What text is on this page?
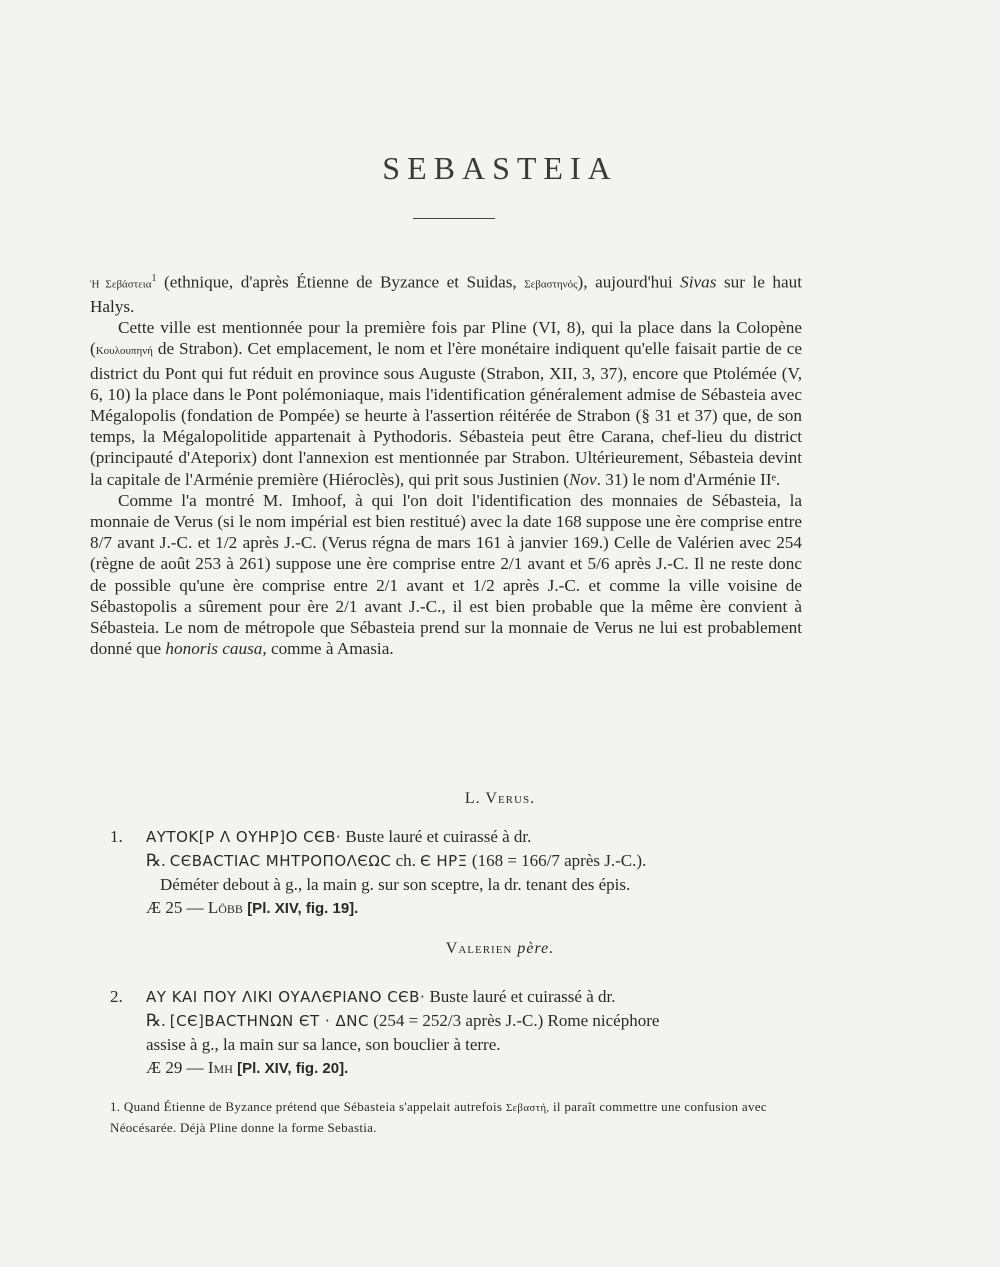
SEBASTEIA

Ἡ Σεβάστεια$^1$ (ethnique, d'après Étienne de Byzance et Suidas, Σεβαστηνός), aujourd'hui Sivas sur le haut Halys.

Cette ville est mentionnée pour la première fois par Pline (VI, 8), qui la place dans la Colopène (Κουλουπηνή de Strabon). Cet emplacement, le nom et l'ère monétaire indiquent qu'elle faisait partie de ce district du Pont qui fut réduit en province sous Auguste (Strabon, XII, 3, 37), encore que Ptolémée (V, 6, 10) la place dans le Pont polémoniaque, mais l'identification généralement admise de Sébasteia avec Mégalopolis (fondation de Pompée) se heurte à l'assertion réitérée de Strabon (§ 31 et 37) que, de son temps, la Mégalopolitide appartenait à Pythodoris. Sébasteia peut être Carana, chef-lieu du district (principauté d'Ateporix) dont l'annexion est mentionnée par Strabon. Ultérieurement, Sébasteia devint la capitale de l'Arménie première (Hiéroclès), qui prit sous Justinien (Nov. 31) le nom d'Arménie IIᵉ.

Comme l'a montré M. Imhoof, à qui l'on doit l'identification des monnaies de Sébasteia, la monnaie de Verus (si le nom impérial est bien restitué) avec la date 168 suppose une ère comprise entre 8/7 avant J.-C. et 1/2 après J.-C. (Verus régna de mars 161 à janvier 169.) Celle de Valérien avec 254 (règne de août 253 à 261) suppose une ère comprise entre 2/1 avant et 5/6 après J.-C. Il ne reste donc de possible qu'une ère comprise entre 2/1 avant et 1/2 après J.-C. et comme la ville voisine de Sébastopolis a sûrement pour ère 2/1 avant J.-C., il est bien probable que la même ère convient à Sébasteia. Le nom de métropole que Sébasteia prend sur la monnaie de Verus ne lui est probablement donné que honoris causa, comme à Amasia.

L. Verus.
1. ΑΥΤΟΚ[Ρ Λ ΟΥΗΡ]Ο CЄΒ· Buste lauré et cuirassé à dr.
℞. CЄΒΑCΤΙΑC ΜΗΤΡΟΠΟΛЄΩC ch. Є ΗΡΞ (168 = 166/7 après J.-C.).
Déméter debout à g., la main g. sur son sceptre, la dr. tenant des épis.
Æ 25 — Löbb [Pl. XIV, fig. 19].
Valerien père.
2. ΑΥ ΚΑΙ ΠΟΥ ΛΙΚΙ ΟΥΑΛЄΡΙΑΝΟ CЄΒ· Buste lauré et cuirassé à dr.
℞. [CЄ]ΒΑCΤΗΝΩΝ ЄΤ · ΔΝC (254 = 252/3 après J.-C.) Rome nicéphore
assise à g., la main sur sa lance, son bouclier à terre.
Æ 29 — Imh [Pl. XIV, fig. 20].
1. Quand Étienne de Byzance prétend que Sébasteia s'appelait autrefois Σεβαστή, il paraît commettre une confusion avec Néocésarée. Déjà Pline donne la forme Sebastia.
